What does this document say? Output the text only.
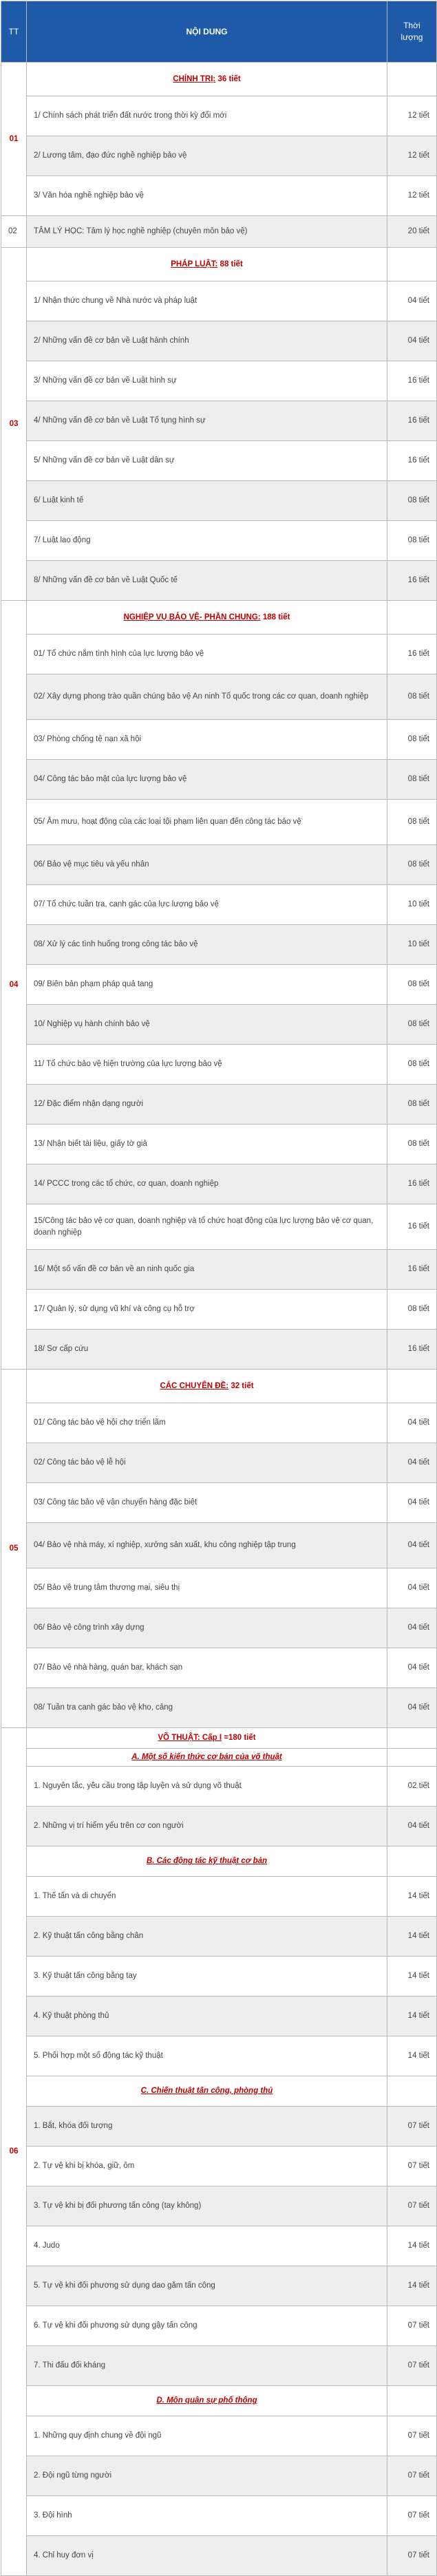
TT	NỘI DUNG	Thời lượng
01	CHÍNH TRỊ: 36 tiết	
	1/ Chính sách phát triển đất nước trong thời kỳ đổi mới	12 tiết
	2/ Lương tâm, đạo đức nghề nghiệp bảo vệ	12 tiết
	3/ Văn hóa nghề nghiệp bảo vệ	12 tiết
02	TÂM LÝ HỌC: Tâm lý học nghề nghiệp (chuyên môn bảo vệ)	20 tiết
03	PHÁP LUẬT: 88 tiết	
	1/ Nhận thức chung về Nhà nước và pháp luật	04 tiết
	2/ Những vấn đề cơ bản về Luật hành chính	04 tiết
	3/ Những vấn đề cơ bản về Luật hình sự	16 tiết
	4/ Những vấn đề cơ bản về Luật Tố tụng hình sự	16 tiết
	5/ Những vấn đề cơ bản về Luật dân sự	16 tiết
	6/ Luật kinh tế	08 tiết
	7/ Luật lao động	08 tiết
	8/ Những vấn đề cơ bản về Luật Quốc tế	16 tiết
04	NGHIỆP VỤ BẢO VỆ- PHẦN CHUNG: 188 tiết	
	01/ Tổ chức nắm tình hình của lực lượng bảo vệ	16 tiết
	02/ Xây dựng phong trào quần chúng bảo vệ An ninh Tổ quốc trong các cơ quan, doanh nghiệp	08 tiết
	03/ Phòng chống tệ nạn xã hội	08 tiết
	04/ Công tác bảo mật của lực lượng bảo vệ	08 tiết
	05/ Âm mưu, hoạt động của các loại tội phạm liên quan đến công tác bảo vệ	08 tiết
	06/ Bảo vệ mục tiêu và yếu nhân	08 tiết
	07/ Tổ chức tuần tra, canh gác của lực lượng bảo vệ	10 tiết
	08/ Xử lý các tình huống trong công tác bảo vệ	10 tiết
	09/ Biên bản phạm pháp quả tang	08 tiết
	10/ Nghiệp vụ hành chính bảo vệ	08 tiết
	11/ Tổ chức bảo vệ hiện trường của lực lượng bảo vệ	08 tiết
	12/ Đặc điểm nhận dạng người	08 tiết
	13/ Nhận biết tài liệu, giấy tờ giả	08 tiết
	14/ PCCC trong các tổ chức, cơ quan, doanh nghiệp	16 tiết
	15/Công tác bảo vệ cơ quan, doanh nghiệp và tổ chức hoạt động của lực lượng bảo vệ cơ quan, doanh nghiệp	16 tiết
	16/ Một số vấn đề cơ bản về an ninh quốc gia	16 tiết
	17/ Quản lý, sử dụng vũ khí và công cụ hỗ trợ	08 tiết
	18/ Sơ cấp cứu	16 tiết
05	CÁC CHUYÊN ĐỀ: 32 tiết	
	01/ Công tác bảo vệ hội chợ triển lãm	04 tiết
	02/ Công tác bảo vệ lễ hội	04 tiết
	03/ Công tác bảo vệ vận chuyển hàng đặc biệt	04 tiết
	04/ Bảo vệ nhà máy, xí nghiệp, xưởng sản xuất, khu công nghiệp tập trung	04 tiết
	05/ Bảo vệ trung tâm thương mại, siêu thị	04 tiết
	06/ Bảo vệ công trình xây dựng	04 tiết
	07/ Bảo vệ nhà hàng, quán bar, khách sạn	04 tiết
	08/ Tuần tra canh gác bảo vệ kho, cảng	04 tiết
06	VÕ THUẬT: Cấp I =180 tiết	
	A. Một số kiến thức cơ bản của võ thuật	
	1. Nguyên tắc, yêu cầu trong tập luyện và sử dụng võ thuật	02 tiết
	2. Những vị trí hiểm yếu trên cơ con người	04 tiết
	B. Các động tác kỹ thuật cơ bản	
	1. Thế tấn và di chuyển	14 tiết
	2. Kỹ thuật tấn công bằng chân	14 tiết
	3. Kỹ thuật tấn công bằng tay	14 tiết
	4. Kỹ thuật phòng thủ	14 tiết
	5. Phối hợp một số động tác kỹ thuật	14 tiết
	C. Chiến thuật tấn công, phòng thủ	
	1. Bắt, khóa đối tượng	07 tiết
	2. Tự vệ khi bị khóa, giữ, ôm	07 tiết
	3. Tự vệ khi bị đối phương tấn công (tay không)	07 tiết
	4. Judo	14 tiết
	5. Tự vệ khi đối phương sử dụng dao găm tấn công	14 tiết
	6. Tự vệ khi đối phương sử dụng gậy tấn công	07 tiết
	7. Thi đấu đối kháng	07 tiết
	D. Môn quân sự phổ thông	
	1. Những quy định chung về đội ngũ	07 tiết
	2. Đội ngũ từng người	07 tiết
	3. Đội hình	07 tiết
	4. Chỉ huy đơn vị	07 tiết
